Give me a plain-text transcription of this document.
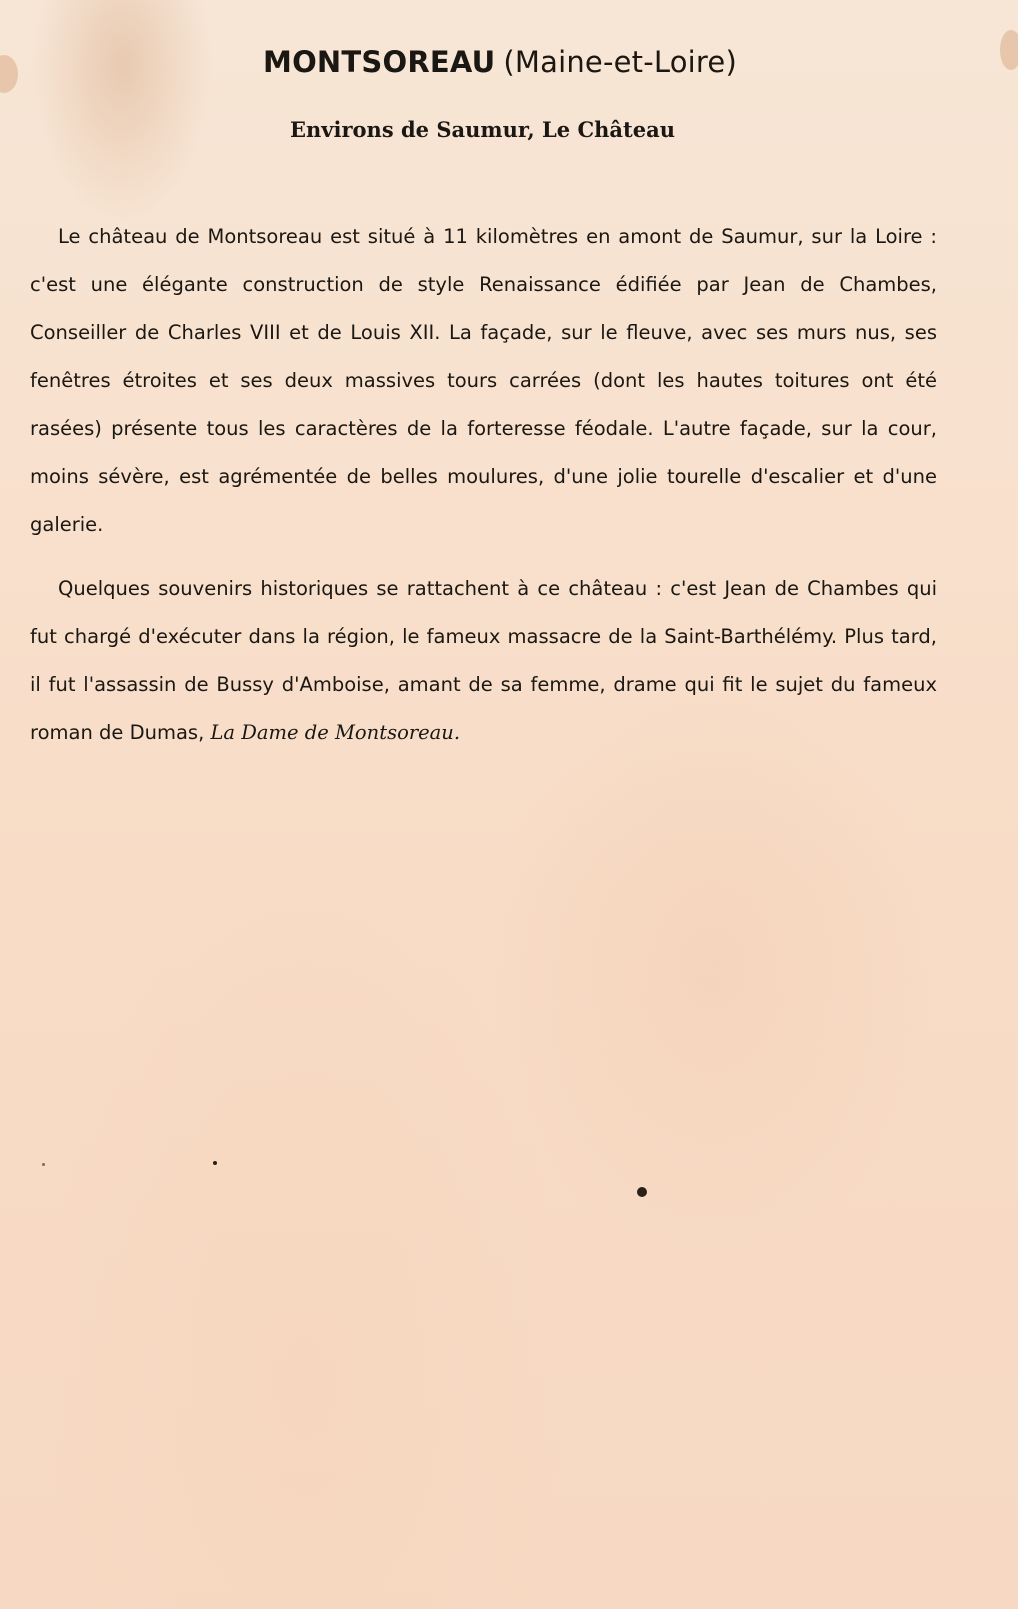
MONTSOREAU (Maine-et-Loire)
Environs de Saumur, Le Château

Le château de Montsoreau est situé à 11 kilomètres en amont de Saumur, sur la Loire : c'est une élégante construction de style Renaissance édifiée par Jean de Chambes, Conseiller de Charles VIII et de Louis XII. La façade, sur le fleuve, avec ses murs nus, ses fenêtres étroites et ses deux massives tours carrées (dont les hautes toitures ont été rasées) présente tous les caractères de la forteresse féodale. L'autre façade, sur la cour, moins sévère, est agrémentée de belles moulures, d'une jolie tourelle d'escalier et d'une galerie.

Quelques souvenirs historiques se rattachent à ce château : c'est Jean de Chambes qui fut chargé d'exécuter dans la région, le fameux massacre de la Saint-Barthélémy. Plus tard, il fut l'assassin de Bussy d'Amboise, amant de sa femme, drame qui fit le sujet du fameux roman de Dumas, La Dame de Montsoreau.
